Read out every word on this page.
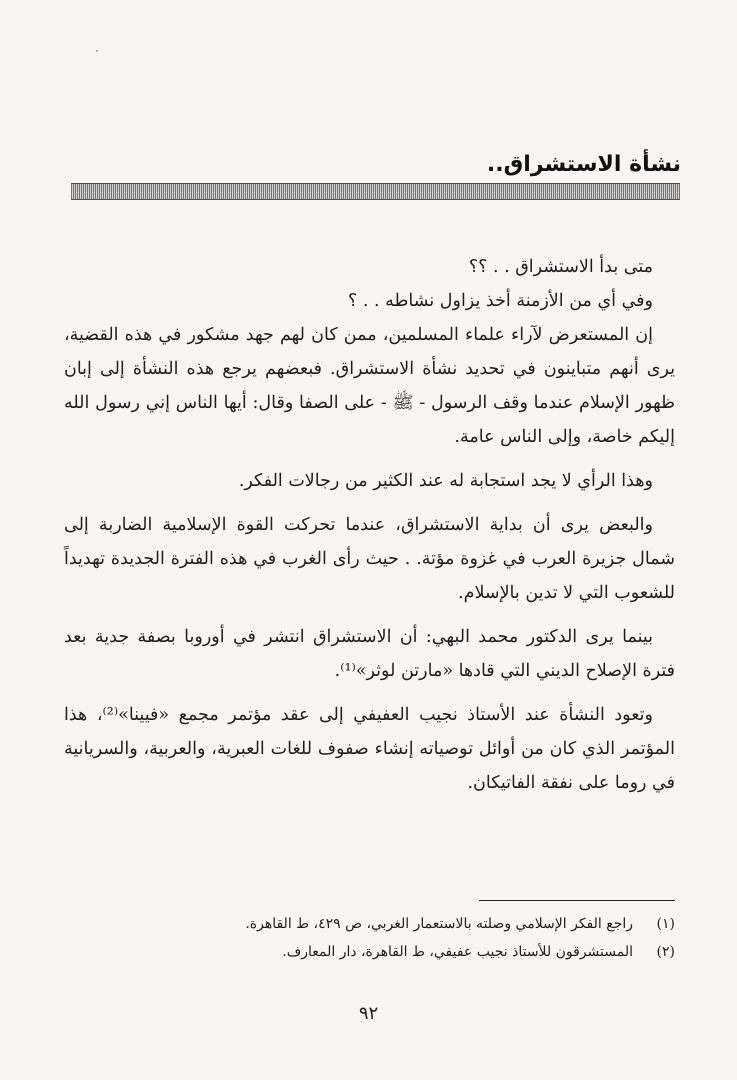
نشأة الاستشراق..

متى بدأ الاستشراق . . ؟؟

وفي أي من الأزمنة أخذ يزاول نشاطه . . ؟

إن المستعرض لآراء علماء المسلمين، ممن كان لهم جهد مشكور في هذه القضية، يرى أنهم متباينون في تحديد نشأة الاستشراق. فبعضهم يرجع هذه النشأة إلى إبان ظهور الإسلام عندما وقف الرسول - ﷺ - على الصفا وقال: أيها الناس إني رسول الله إليكم خاصة، وإلى الناس عامة.

وهذا الرأي لا يجد استجابة له عند الكثير من رجالات الفكر.

والبعض يرى أن بداية الاستشراق، عندما تحركت القوة الإسلامية الضاربة إلى شمال جزيرة العرب في غزوة مؤتة. . حيث رأى الغرب في هذه الفترة الجديدة تهديداً للشعوب التي لا تدين بالإسلام.

بينما يرى الدكتور محمد البهي: أن الاستشراق انتشر في أوروبا بصفة جدية بعد فترة الإصلاح الديني التي قادها «مارتن لوثر»⁽¹⁾.

وتعود النشأة عند الأستاذ نجيب العفيفي إلى عقد مؤتمر مجمع «فيينا»⁽²⁾، هذا المؤتمر الذي كان من أوائل توصياته إنشاء صفوف للغات العبرية، والعربية، والسريانية في روما على نفقة الفاتيكان.

(١)
راجع الفكر الإسلامي وصلته بالاستعمار الغربي، ص ٤٢٩، ط القاهرة.
(٢)
المستشرقون للأستاذ نجيب عفيفي، ط القاهرة، دار المعارف.
٩٢
